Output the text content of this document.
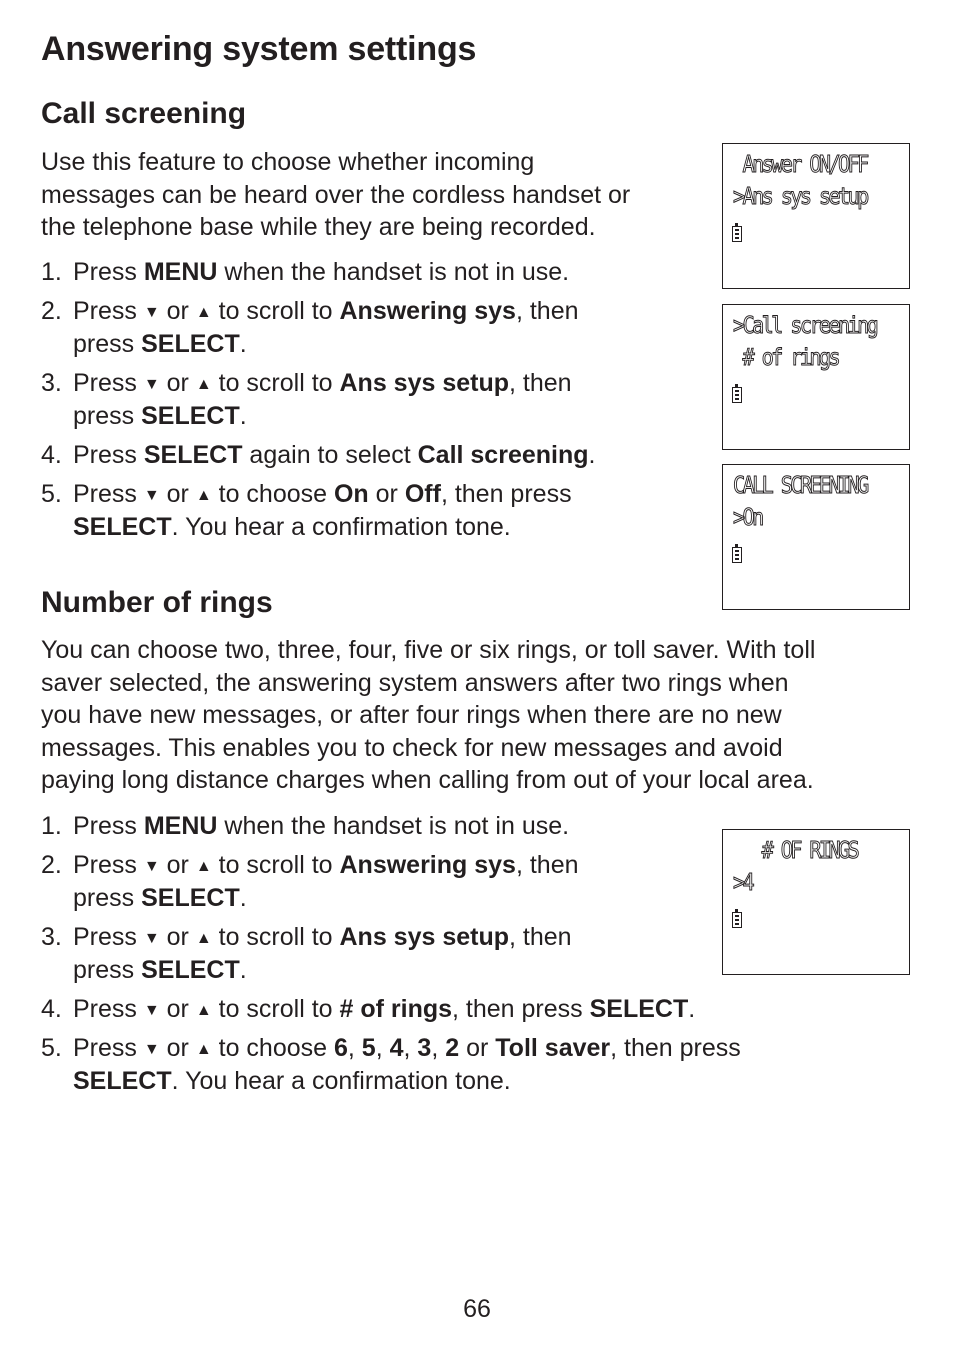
Answering system settings
Call screening

Use this feature to choose whether incoming
messages can be heard over the cordless handset or
the telephone base while they are being recorded.

1. Press MENU when the handset is not in use.
2. Press ▼ or ▲ to scroll to Answering sys, then
press SELECT.
3. Press ▼ or ▲ to scroll to Ans sys setup, then
press SELECT.
4. Press SELECT again to select Call screening.
5. Press ▼ or ▲ to choose On or Off, then press
SELECT. You hear a confirmation tone.
Answer ON/OFF
>Ans sys setup
>Call screening
# of rings
CALL SCREENING
>On
Number of rings

You can choose two, three, four, five or six rings, or toll saver. With toll
saver selected, the answering system answers after two rings when
you have new messages, or after four rings when there are no new
messages. This enables you to check for new messages and avoid
paying long distance charges when calling from out of your local area.

1. Press MENU when the handset is not in use.
2. Press ▼ or ▲ to scroll to Answering sys, then
press SELECT.
3. Press ▼ or ▲ to scroll to Ans sys setup, then
press SELECT.
4. Press ▼ or ▲ to scroll to # of rings, then press SELECT.
5. Press ▼ or ▲ to choose 6, 5, 4, 3, 2 or Toll saver, then press
SELECT. You hear a confirmation tone.
# OF RINGS
>4
66
